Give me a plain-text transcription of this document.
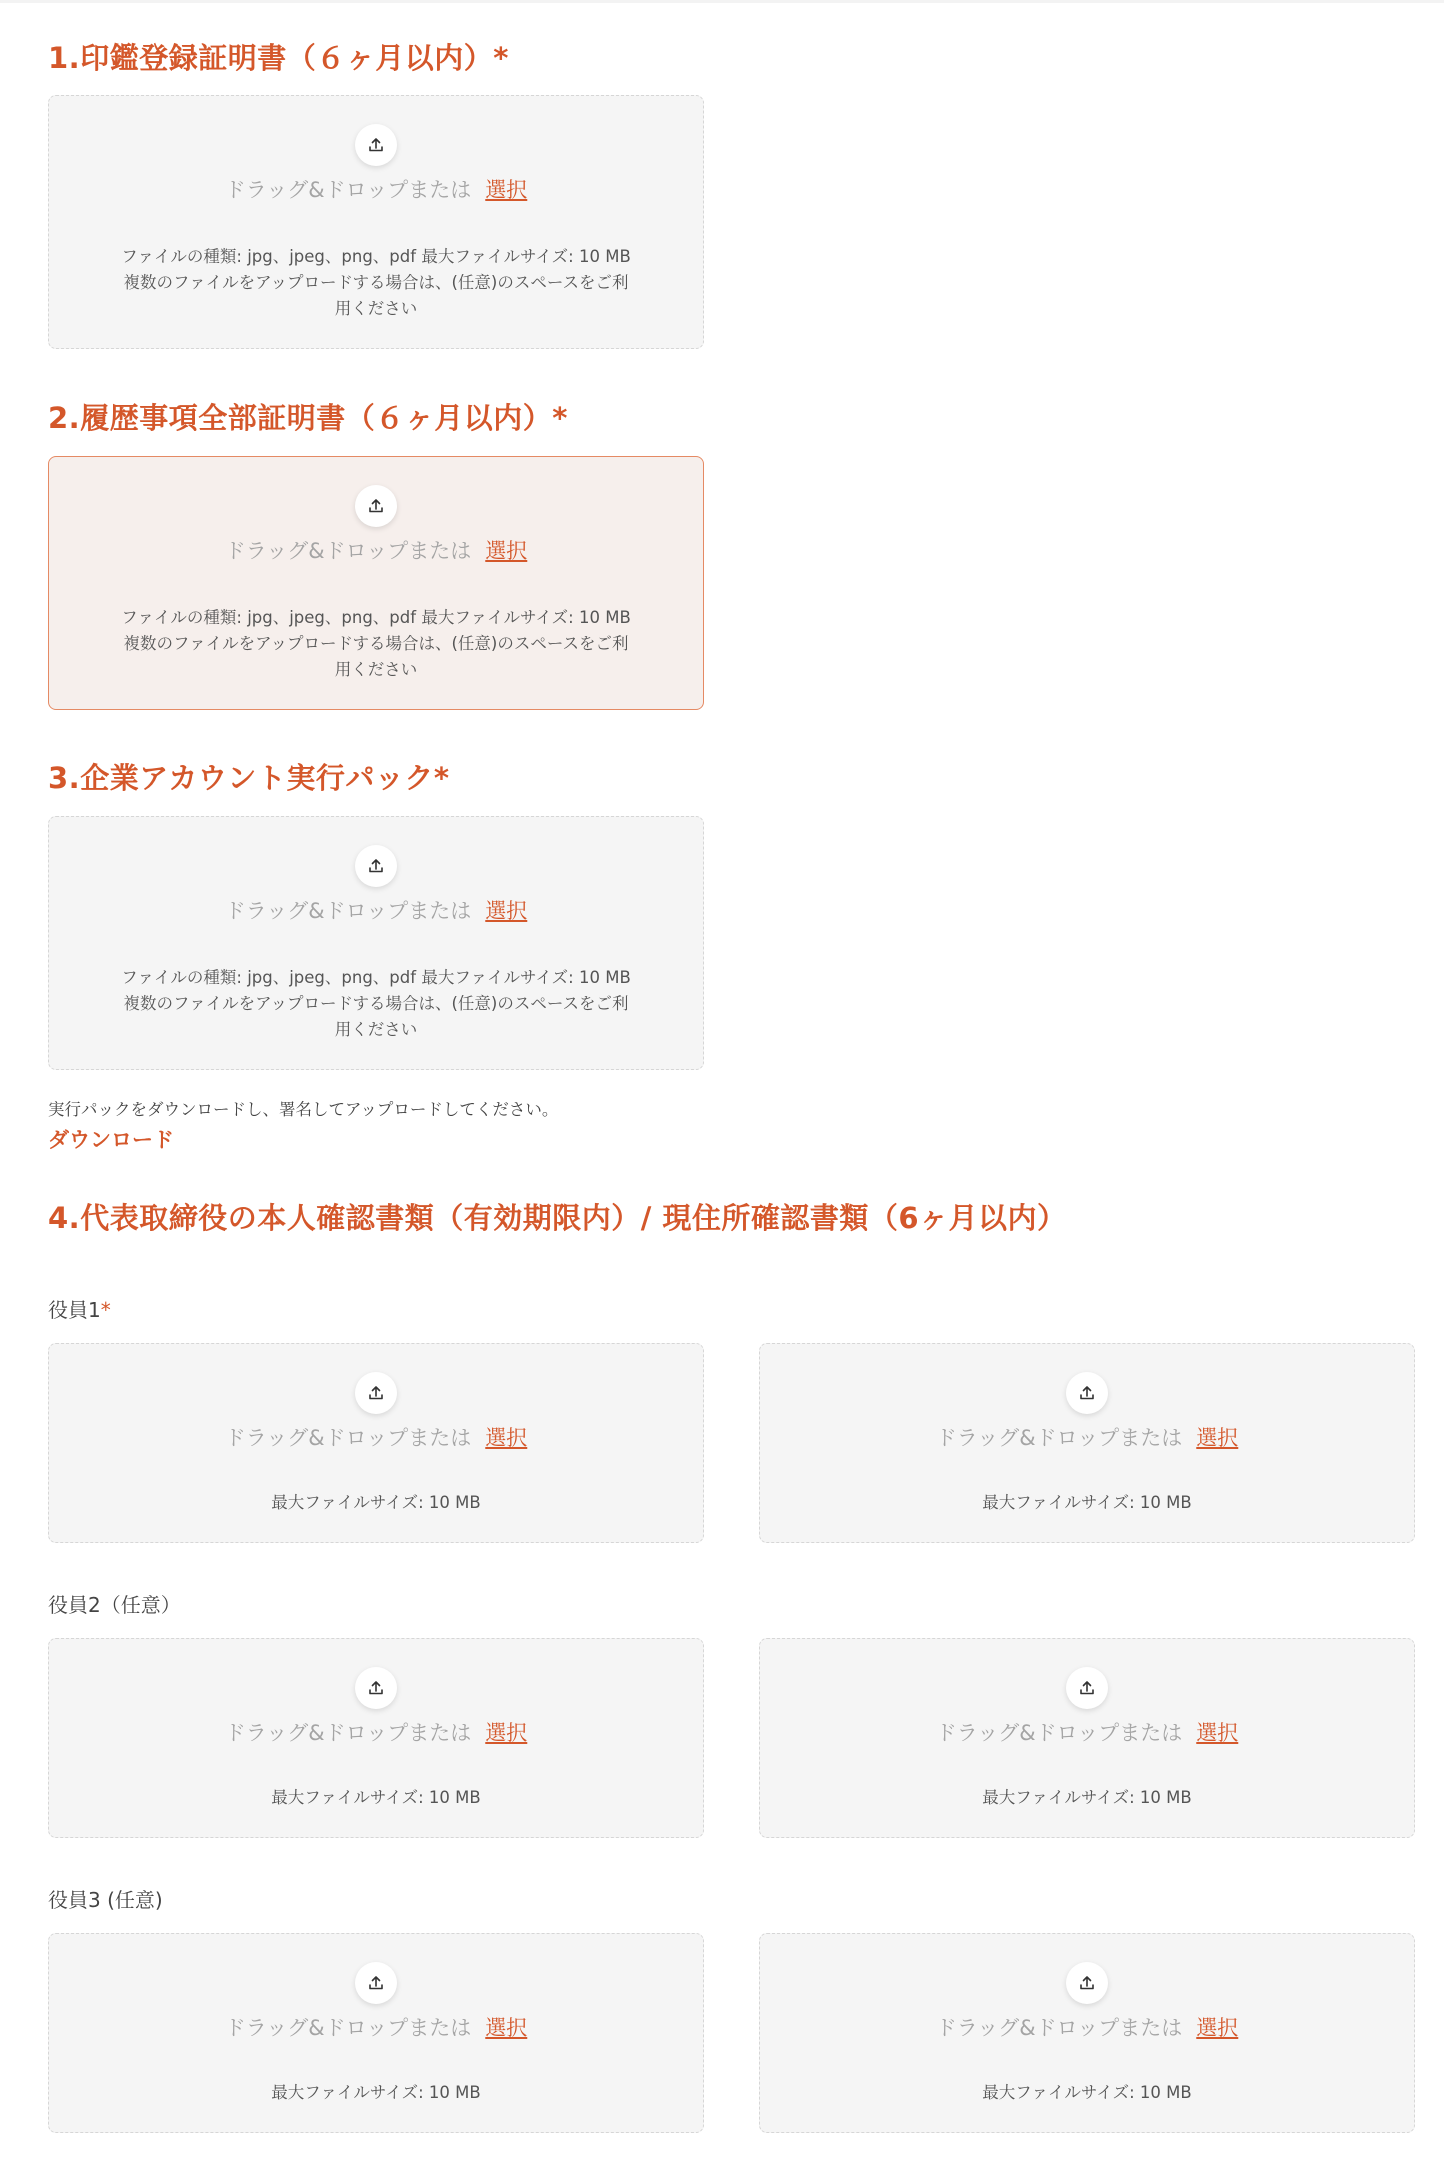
1.印鑑登録証明書（６ヶ月以内）*
ドラッグ&ドロップまたは 選択
ファイルの種類: jpg、jpeg、png、pdf 最大ファイルサイズ: 10 MB
複数のファイルをアップロードする場合は、(任意)のスペースをご利
用ください
2.履歴事項全部証明書（６ヶ月以内）*
ドラッグ&ドロップまたは 選択
ファイルの種類: jpg、jpeg、png、pdf 最大ファイルサイズ: 10 MB
複数のファイルをアップロードする場合は、(任意)のスペースをご利
用ください
3.企業アカウント実行パック*
ドラッグ&ドロップまたは 選択
ファイルの種類: jpg、jpeg、png、pdf 最大ファイルサイズ: 10 MB
複数のファイルをアップロードする場合は、(任意)のスペースをご利
用ください
実行パックをダウンロードし、署名してアップロードしてください。
ダウンロード
4.代表取締役の本人確認書類（有効期限内）/ 現住所確認書類（6ヶ月以内）
役員1*
ドラッグ&ドロップまたは 選択
最大ファイルサイズ: 10 MB
ドラッグ&ドロップまたは 選択
最大ファイルサイズ: 10 MB
役員2（任意）
ドラッグ&ドロップまたは 選択
最大ファイルサイズ: 10 MB
ドラッグ&ドロップまたは 選択
最大ファイルサイズ: 10 MB
役員3 (任意)
ドラッグ&ドロップまたは 選択
最大ファイルサイズ: 10 MB
ドラッグ&ドロップまたは 選択
最大ファイルサイズ: 10 MB
